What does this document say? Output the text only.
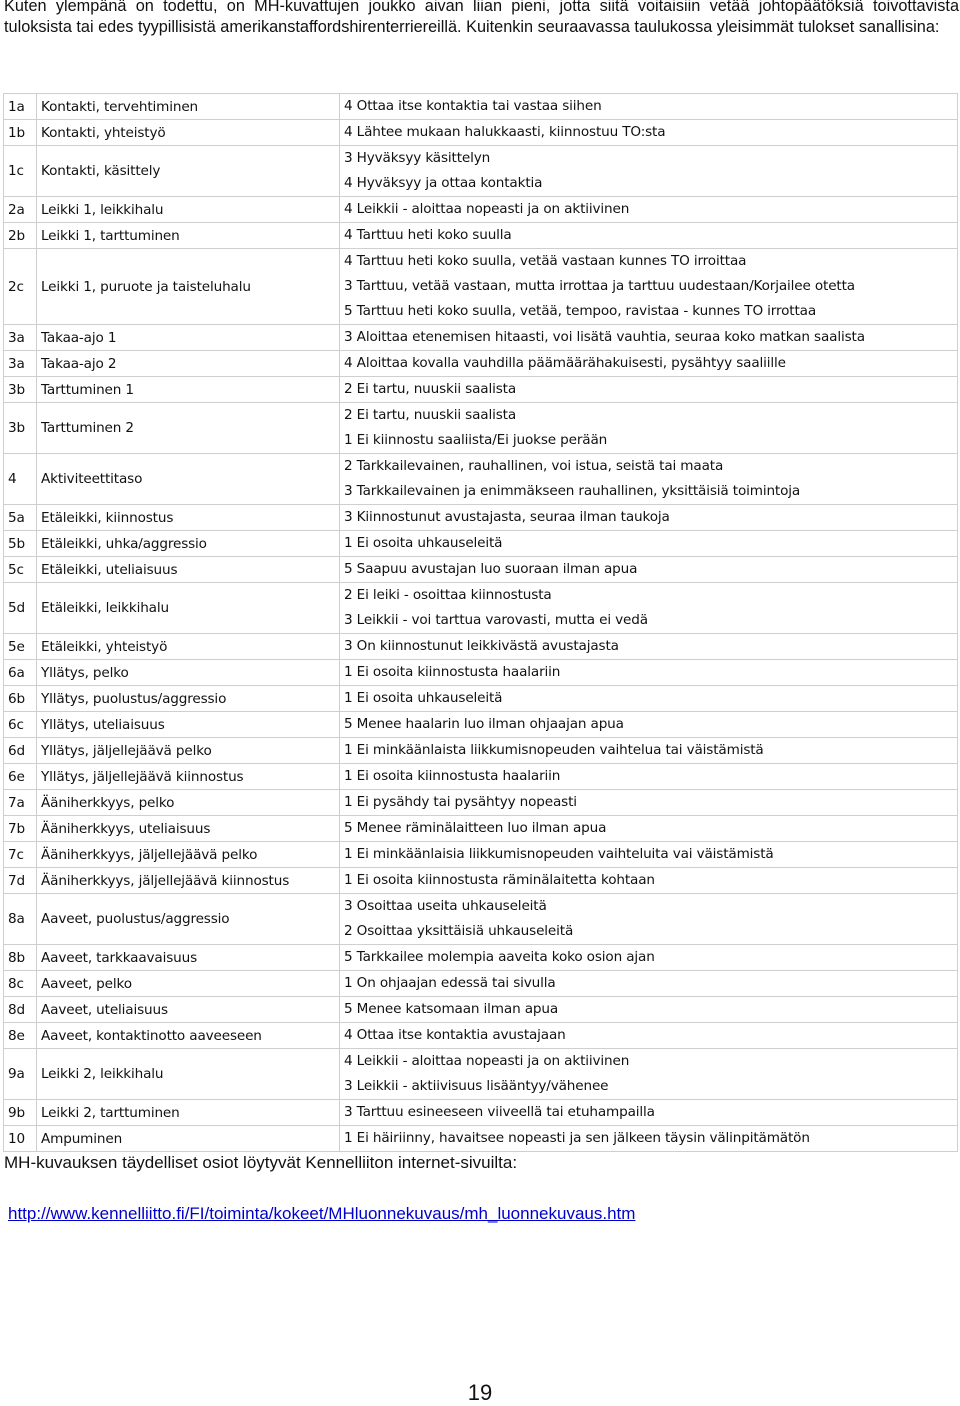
Kuten ylempänä on todettu, on MH-kuvattujen joukko aivan liian pieni, jotta siitä voitaisiin vetää johtopäätöksiä toivottavista tuloksista tai edes tyypillisistä amerikanstaffordshirenterriereillä. Kuitenkin seuraavassa taulukossa yleisimmät tulokset sanallisina:
1a	Kontakti, tervehtiminen	4 Ottaa itse kontaktia tai vastaa siihen

1b	Kontakti, yhteistyö	4 Lähtee mukaan halukkaasti, kiinnostuu TO:sta

1c	Kontakti, käsittely	3 Hyväksyy käsittelyn
4 Hyväksyy ja ottaa kontaktia

2a	Leikki 1, leikkihalu	4 Leikkii - aloittaa nopeasti ja on aktiivinen

2b	Leikki 1, tarttuminen	4 Tarttuu heti koko suulla

2c	Leikki 1, puruote ja taisteluhalu	4 Tarttuu heti koko suulla, vetää vastaan kunnes TO irroittaa
3 Tarttuu, vetää vastaan, mutta irrottaa ja tarttuu uudestaan/Korjailee otetta
5 Tarttuu heti koko suulla, vetää, tempoo, ravistaa - kunnes TO irrottaa

3a	Takaa-ajo 1	3 Aloittaa etenemisen hitaasti, voi lisätä vauhtia, seuraa koko matkan saalista

3a	Takaa-ajo 2	4 Aloittaa kovalla vauhdilla päämäärähakuisesti, pysähtyy saaliille

3b	Tarttuminen 1	2 Ei tartu, nuuskii saalista

3b	Tarttuminen 2	2 Ei tartu, nuuskii saalista
1 Ei kiinnostu saaliista/Ei juokse perään

4	Aktiviteettitaso	2 Tarkkailevainen, rauhallinen, voi istua, seistä tai maata
3 Tarkkailevainen ja enimmäkseen rauhallinen, yksittäisiä toimintoja

5a	Etäleikki, kiinnostus	3 Kiinnostunut avustajasta, seuraa ilman taukoja

5b	Etäleikki, uhka/aggressio	1 Ei osoita uhkauseleitä

5c	Etäleikki, uteliaisuus	5 Saapuu avustajan luo suoraan ilman apua

5d	Etäleikki, leikkihalu	2 Ei leiki - osoittaa kiinnostusta
3 Leikkii - voi tarttua varovasti, mutta ei vedä

5e	Etäleikki, yhteistyö	3 On kiinnostunut leikkivästä avustajasta

6a	Yllätys, pelko	1 Ei osoita kiinnostusta haalariin

6b	Yllätys, puolustus/aggressio	1 Ei osoita uhkauseleitä

6c	Yllätys, uteliaisuus	5 Menee haalarin luo ilman ohjaajan apua

6d	Yllätys, jäljellejäävä pelko	1 Ei minkäänlaista liikkumisnopeuden vaihtelua tai väistämistä

6e	Yllätys, jäljellejäävä kiinnostus	1 Ei osoita kiinnostusta haalariin

7a	Ääniherkkyys, pelko	1 Ei pysähdy tai pysähtyy nopeasti

7b	Ääniherkkyys, uteliaisuus	5 Menee räminälaitteen luo ilman apua

7c	Ääniherkkyys, jäljellejäävä pelko	1 Ei minkäänlaisia liikkumisnopeuden vaihteluita vai väistämistä

7d	Ääniherkkyys, jäljellejäävä kiinnostus	1 Ei osoita kiinnostusta räminälaitetta kohtaan

8a	Aaveet, puolustus/aggressio	3 Osoittaa useita uhkauseleitä
2 Osoittaa yksittäisiä uhkauseleitä

8b	Aaveet, tarkkaavaisuus	5 Tarkkailee molempia aaveita koko osion ajan

8c	Aaveet, pelko	1 On ohjaajan edessä tai sivulla

8d	Aaveet, uteliaisuus	5 Menee katsomaan ilman apua

8e	Aaveet, kontaktinotto aaveeseen	4 Ottaa itse kontaktia avustajaan

9a	Leikki 2, leikkihalu	4 Leikkii - aloittaa nopeasti ja on aktiivinen
3 Leikkii - aktiivisuus lisääntyy/vähenee

9b	Leikki 2, tarttuminen	3 Tarttuu esineeseen viiveellä tai etuhampailla

10	Ampuminen	1 Ei häiriinny, havaitsee nopeasti ja sen jälkeen täysin välinpitämätön
MH-kuvauksen täydelliset osiot löytyvät Kennelliiton internet-sivuilta:
http://www.kennelliitto.fi/FI/toiminta/kokeet/MHluonnekuvaus/mh_luonnekuvaus.htm
19
